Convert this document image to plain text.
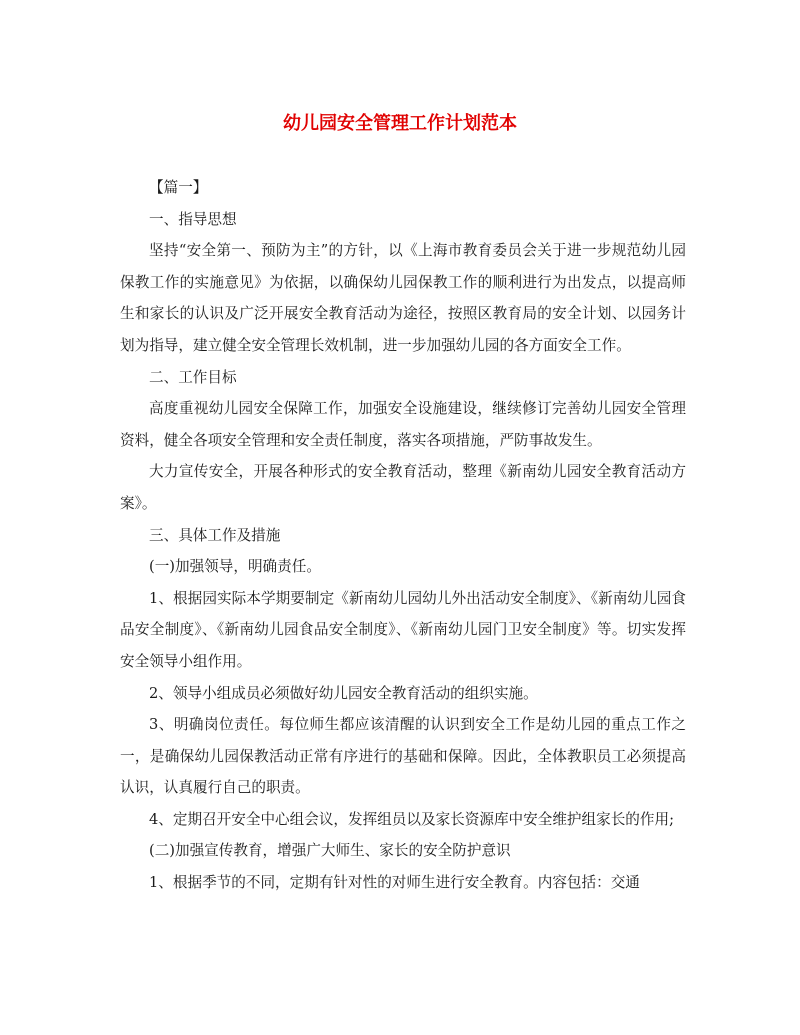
幼儿园安全管理工作计划范本

【篇一】

一、指导思想

坚持“安全第一、预防为主”的方针，以《上海市教育委员会关于进一步规范幼儿园保教工作的实施意见》为依据，以确保幼儿园保教工作的顺利进行为出发点，以提高师生和家长的认识及广泛开展安全教育活动为途径，按照区教育局的安全计划、以园务计划为指导，建立健全安全管理长效机制，进一步加强幼儿园的各方面安全工作。

二、工作目标

高度重视幼儿园安全保障工作，加强安全设施建设，继续修订完善幼儿园安全管理资料，健全各项安全管理和安全责任制度，落实各项措施，严防事故发生。

大力宣传安全，开展各种形式的安全教育活动，整理《新南幼儿园安全教育活动方案》。

三、具体工作及措施

(一)加强领导，明确责任。

1、根据园实际本学期要制定《新南幼儿园幼儿外出活动安全制度》、《新南幼儿园食品安全制度》、《新南幼儿园食品安全制度》、《新南幼儿园门卫安全制度》等。切实发挥安全领导小组作用。

2、领导小组成员必须做好幼儿园安全教育活动的组织实施。

3、明确岗位责任。每位师生都应该清醒的认识到安全工作是幼儿园的重点工作之一，是确保幼儿园保教活动正常有序进行的基础和保障。因此，全体教职员工必须提高认识，认真履行自己的职责。

4、定期召开安全中心组会议，发挥组员以及家长资源库中安全维护组家长的作用;

(二)加强宣传教育，增强广大师生、家长的安全防护意识

1、根据季节的不同，定期有针对性的对师生进行安全教育。内容包括：交通
